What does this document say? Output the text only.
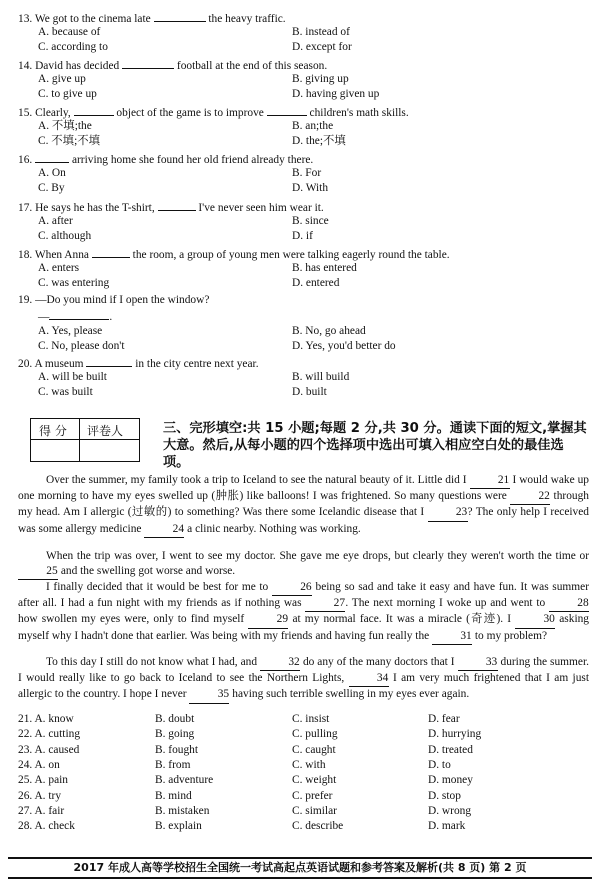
13. We got to the cinema late	the heavy traffic.
A. because of	B. instead of
C. according to	D. except for
14. David has decided	football at the end of this season.
A. give up	B. giving up
C. to give up	D. having given up
15. Clearly,	object of the game is to improve	children's math skills.
A. 不填;the	B. an;the
C. 不填;不填	D. the;不填
16.	arriving home she found her old friend already there.
A. On	B. For
C. By	D. With
17. He says he has the T-shirt,	I've never seen him wear it.
A. after	B. since
C. although	D. if
18. When Anna	the room, a group of young men were talking eagerly round the table.
A. enters	B. has entered
C. was entering	D. entered
19. —Do you mind if I open the window?
—	.
A. Yes, please	B. No, go ahead
C. No, please don't	D. Yes, you'd better do
20. A museum	in the city centre next year.
A. will be built	B. will build
C. was built	D. built
得 分 评卷人	三、完形填空:共 15 小题;每题 2 分,共 30 分。通读下面的短文,掌握其大意。然后,从每小题的四个选择项中选出可填入相应空白处的最佳选项。
Over the summer, my family took a trip to Iceland to see the natural beauty of it. Little did I 21 I would wake up one morning to have my eyes swelled up (肿胀) like balloons! I was frightened. So many questions were 22 through my head. Am I allergic (过敏的) to something? Was there some Icelandic disease that I 23? The only help I received was some allergy medicine 24 a clinic nearby. Nothing was working.
When the trip was over, I went to see my doctor. She gave me eye drops, but clearly they weren't worth the time or 25 and the swelling got worse and worse.
I finally decided that it would be best for me to 26 being so sad and take it easy and have fun. It was summer after all. I had a fun night with my friends as if nothing was 27. The next morning I woke up and went to 28 how swollen my eyes were, only to find myself 29 at my normal face. It was a miracle (奇迹). I 30 asking myself why I hadn't done that earlier. Was being with my friends and having fun really the 31 to my problem?
To this day I still do not know what I had, and 32 do any of the many doctors that I 33 during the summer. I would really like to go back to Iceland to see the Northern Lights, 34 I am very much frightened that I am just allergic to the country. I hope I never 35 having such terrible swelling in my eyes ever again.
21. A. know	B. doubt	C. insist	D. fear
22. A. cutting	B. going	C. pulling	D. hurrying
23. A. caused	B. fought	C. caught	D. treated
24. A. on	B. from	C. with	D. to
25. A. pain	B. adventure	C. weight	D. money
26. A. try	B. mind	C. prefer	D. stop
27. A. fair	B. mistaken	C. similar	D. wrong
28. A. check	B. explain	C. describe	D. mark
2017 年成人高等学校招生全国统一考试高起点英语试题和参考答案及解析(共 8 页) 第 2 页
